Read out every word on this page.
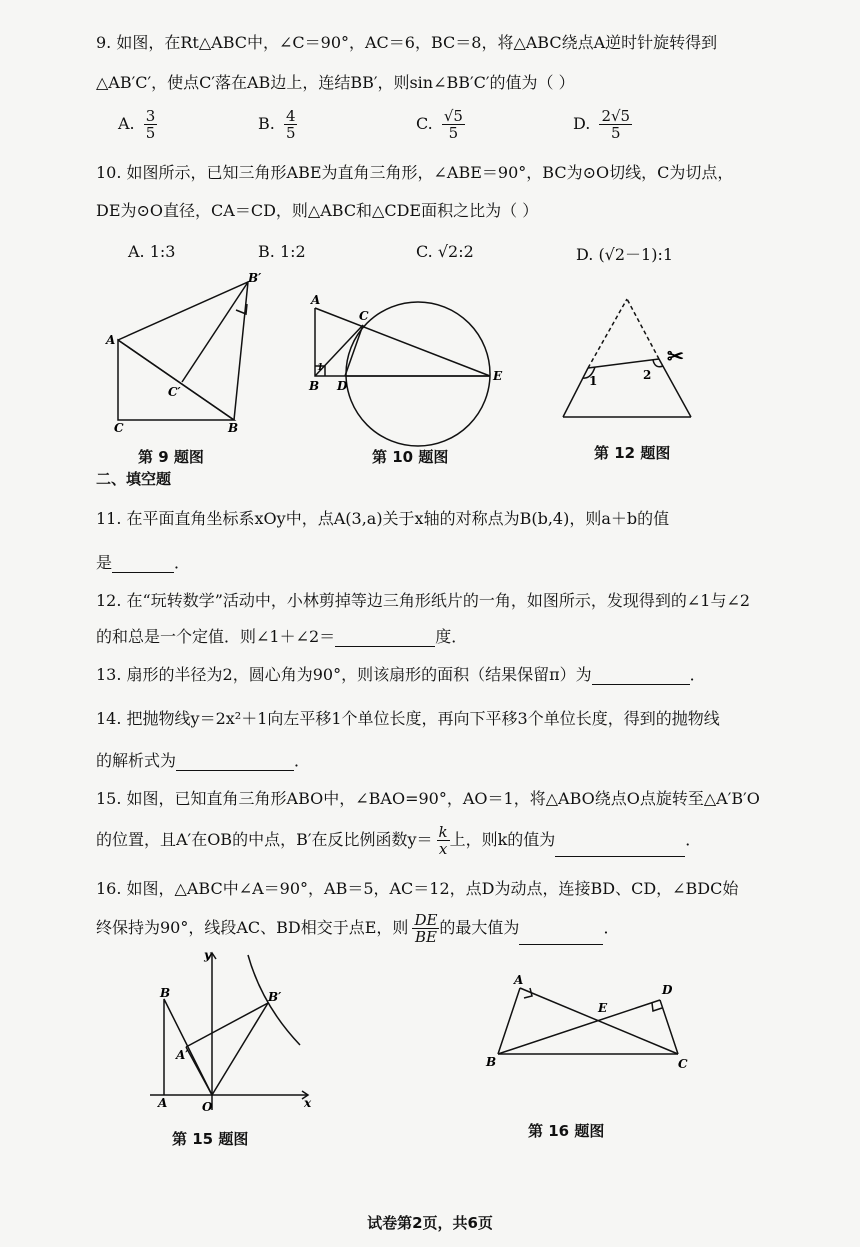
9. 如图，在Rt△ABC中，∠C＝90°，AC＝6，BC＝8，将△ABC绕点A逆时针旋转得到
△AB′C′，使点C′落在AB边上，连结BB′，则sin∠BB′C′的值为（ ）
A. $\frac{3}{5}$	B. $\frac{4}{5}$	C. $\frac{√5}{5}$	D. $\frac{2√5}{5}$
10. 如图所示，已知三角形ABE为直角三角形，∠ABE＝90°，BC为⊙O切线，C为切点，
DE为⊙O直径，CA＝CD，则△ABC和△CDE面积之比为（ ）
A. 1:3	B. 1:2	C. √2:2	D. (√2－1):1
A
C	B
B′
C′
第 9 题图
A
B
C
D
E
1
第 10 题图
1	2
✂
第 12 题图
二、填空题
11. 在平面直角坐标系xOy中，点A(3,a)关于x轴的对称点为B(b,4)，则a＋b的值
是	．
12. 在“玩转数学”活动中，小林剪掉等边三角形纸片的一角，如图所示，发现得到的∠1与∠2
的和总是一个定值．则∠1＋∠2＝	度．
13. 扇形的半径为2，圆心角为90°，则该扇形的面积（结果保留π）为	．
14. 把抛物线y＝2x²＋1向左平移1个单位长度，再向下平移3个单位长度，得到的抛物线
的解析式为	．
15. 如图，已知直角三角形ABO中，∠BAO=90°，AO＝1，将△ABO绕点O点旋转至△A′B′O
的位置，且A′在OB的中点，B′在反比例函数$y= \frac{k}{x}$ 上，则k的值为	．
16. 如图，△ABC中∠A＝90°，AB＝5，AC＝12，点D为动点，连接BD、CD，∠BDC始
终保持为90°，线段AC、BD相交于点E，则 $\frac{DE}{BE}$ 的最大值为	．
y
x
B	B′
A′
A	O
第 15 题图
A
B	C
D
E
第 16 题图
试卷第2页，共6页
